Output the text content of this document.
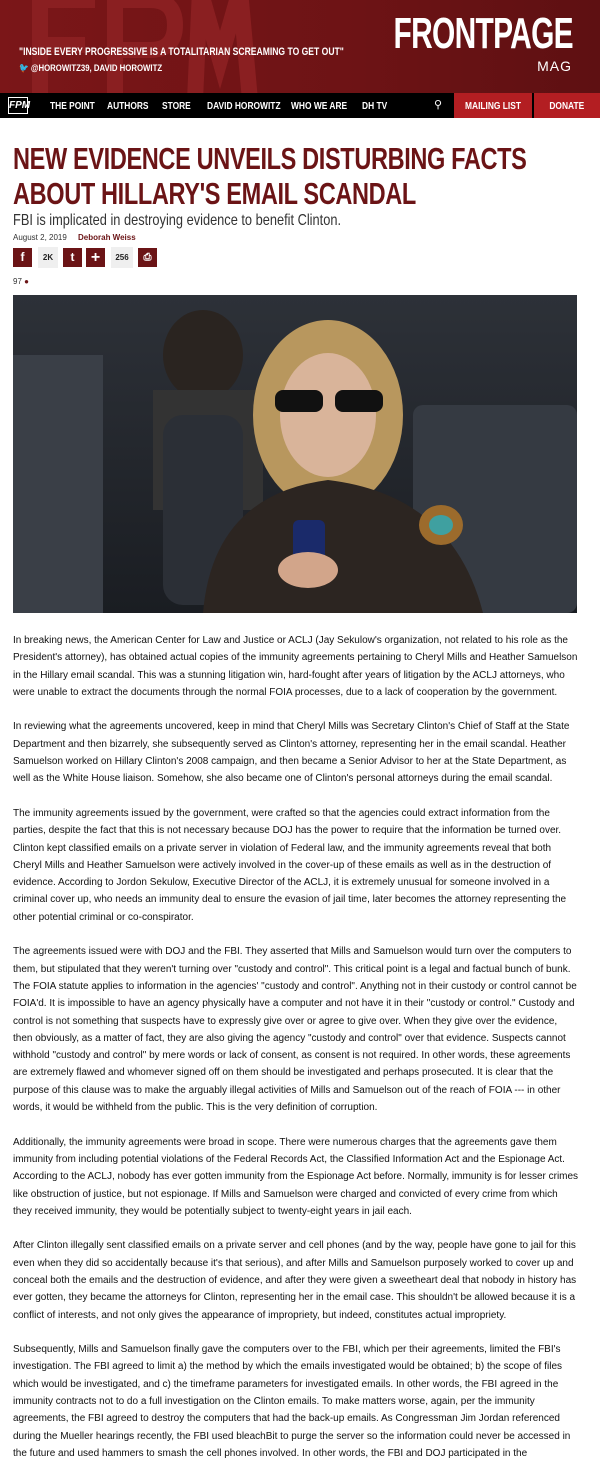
"INSIDE EVERY PROGRESSIVE IS A TOTALITARIAN SCREAMING TO GET OUT"
🐦 @HOROWITZ39, DAVID HOROWITZ
FRONTPAGE
MAG
FPM THE POINT AUTHORS STORE DAVID HOROWITZ WHO WE ARE DH TV	⚲ MAILING LIST	DONATE
NEW EVIDENCE UNVEILS DISTURBING FACTS
ABOUT HILLARY'S EMAIL SCANDAL
FBI is implicated in destroying evidence to benefit Clinton.
August 2, 2019 Deborah Weiss
f	2K	t	+	256	⎙
97 ●

In breaking news, the American Center for Law and Justice or ACLJ (Jay Sekulow's organization, not related to his role as the President's attorney), has obtained actual copies of the immunity agreements pertaining to Cheryl Mills and Heather Samuelson in the Hillary email scandal. This was a stunning litigation win, hard-fought after years of litigation by the ACLJ attorneys, who were unable to extract the documents through the normal FOIA processes, due to a lack of cooperation by the government.

In reviewing what the agreements uncovered, keep in mind that Cheryl Mills was Secretary Clinton's Chief of Staff at the State Department and then bizarrely, she subsequently served as Clinton's attorney, representing her in the email scandal. Heather Samuelson worked on Hillary Clinton's 2008 campaign, and then became a Senior Advisor to her at the State Department, as well as the White House liaison. Somehow, she also became one of Clinton's personal attorneys during the email scandal.

The immunity agreements issued by the government, were crafted so that the agencies could extract information from the parties, despite the fact that this is not necessary because DOJ has the power to require that the information be turned over. Clinton kept classified emails on a private server in violation of Federal law, and the immunity agreements reveal that both Cheryl Mills and Heather Samuelson were actively involved in the cover-up of these emails as well as in the destruction of evidence. According to Jordon Sekulow, Executive Director of the ACLJ, it is extremely unusual for someone involved in a criminal cover up, who needs an immunity deal to ensure the evasion of jail time, later becomes the attorney representing the other potential criminal or co-conspirator.

The agreements issued were with DOJ and the FBI. They asserted that Mills and Samuelson would turn over the computers to them, but stipulated that they weren't turning over "custody and control". This critical point is a legal and factual bunch of bunk. The FOIA statute applies to information in the agencies' "custody and control". Anything not in their custody or control cannot be FOIA'd. It is impossible to have an agency physically have a computer and not have it in their "custody or control." Custody and control is not something that suspects have to expressly give over or agree to give over. When they give over the evidence, then obviously, as a matter of fact, they are also giving the agency "custody and control" over that evidence. Suspects cannot withhold "custody and control" by mere words or lack of consent, as consent is not required. In other words, these agreements are extremely flawed and whomever signed off on them should be investigated and perhaps prosecuted. It is clear that the purpose of this clause was to make the arguably illegal activities of Mills and Samuelson out of the reach of FOIA --- in other words, it would be withheld from the public. This is the very definition of corruption.

Additionally, the immunity agreements were broad in scope. There were numerous charges that the agreements gave them immunity from including potential violations of the Federal Records Act, the Classified Information Act and the Espionage Act. According to the ACLJ, nobody has ever gotten immunity from the Espionage Act before. Normally, immunity is for lesser crimes like obstruction of justice, but not espionage. If Mills and Samuelson were charged and convicted of every crime from which they received immunity, they would be potentially subject to twenty-eight years in jail each.

After Clinton illegally sent classified emails on a private server and cell phones (and by the way, people have gone to jail for this even when they did so accidentally because it's that serious), and after Mills and Samuelson purposely worked to cover up and conceal both the emails and the destruction of evidence, and after they were given a sweetheart deal that nobody in history has ever gotten, they became the attorneys for Clinton, representing her in the email case. This shouldn't be allowed because it is a conflict of interests, and not only gives the appearance of impropriety, but indeed, constitutes actual impropriety.

Subsequently, Mills and Samuelson finally gave the computers over to the FBI, which per their agreements, limited the FBI's investigation. The FBI agreed to limit a) the method by which the emails investigated would be obtained; b) the scope of files which would be investigated, and c) the timeframe parameters for investigated emails. In other words, the FBI agreed in the immunity contracts not to do a full investigation on the Clinton emails. To make matters worse, again, per the immunity agreements, the FBI agreed to destroy the computers that had the back-up emails. As Congressman Jim Jordan referenced during the Mueller hearings recently, the FBI used bleachBit to purge the server so the information could never be accessed in the future and used hammers to smash the cell phones involved. In other words, the FBI and DOJ participated in the
